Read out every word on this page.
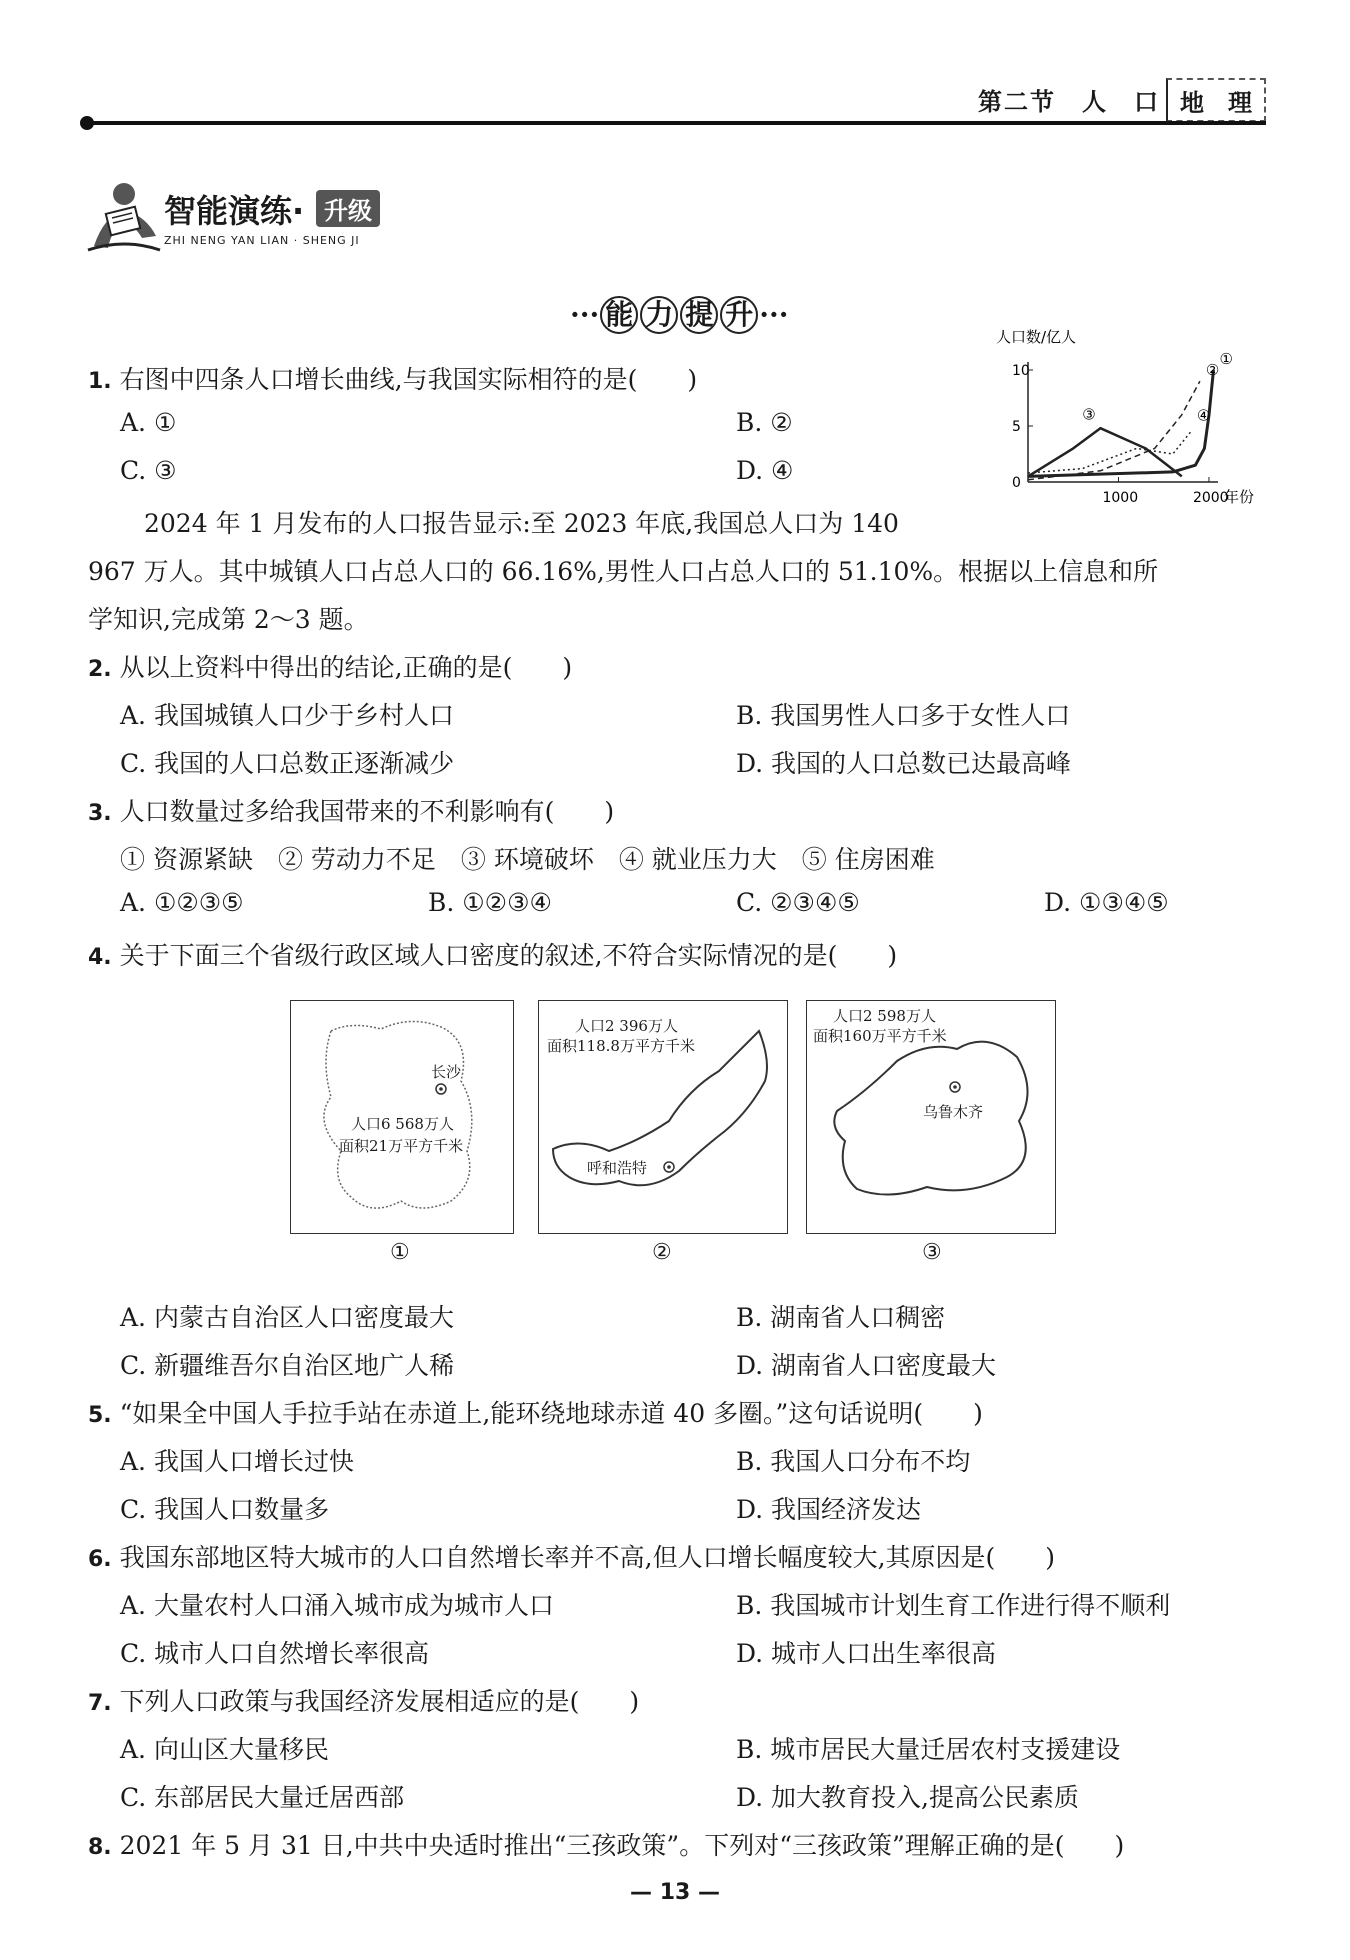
第二节　人　口 地 理
智能演练· 升级
ZHI NENG YAN LIAN · SHENG JI
··· 能 力 提 升 ···
人口数/亿人
年份
0
5
10
1000	2000
①
②
③	④
1. 右图中四条人口增长曲线,与我国实际相符的是(　　)
A. ①	B. ②
C. ③	D. ④
2024 年 1 月发布的人口报告显示:至 2023 年底,我国总人口为 140
967 万人。其中城镇人口占总人口的 66.16%,男性人口占总人口的 51.10%。根据以上信息和所
学知识,完成第 2～3 题。
2. 从以上资料中得出的结论,正确的是(　　)
A. 我国城镇人口少于乡村人口	B. 我国男性人口多于女性人口
C. 我国的人口总数正逐渐减少	D. 我国的人口总数已达最高峰
3. 人口数量过多给我国带来的不利影响有(　　)
① 资源紧缺　② 劳动力不足　③ 环境破坏　④ 就业压力大　⑤ 住房困难
A. ①②③⑤	B. ①②③④	C. ②③④⑤	D. ①③④⑤
4. 关于下面三个省级行政区域人口密度的叙述,不符合实际情况的是(　　)
A. 内蒙古自治区人口密度最大	B. 湖南省人口稠密
C. 新疆维吾尔自治区地广人稀	D. 湖南省人口密度最大
5. “如果全中国人手拉手站在赤道上,能环绕地球赤道 40 多圈。”这句话说明(　　)
A. 我国人口增长过快	B. 我国人口分布不均
C. 我国人口数量多	D. 我国经济发达
6. 我国东部地区特大城市的人口自然增长率并不高,但人口增长幅度较大,其原因是(　　)
A. 大量农村人口涌入城市成为城市人口	B. 我国城市计划生育工作进行得不顺利
C. 城市人口自然增长率很高	D. 城市人口出生率很高
7. 下列人口政策与我国经济发展相适应的是(　　)
A. 向山区大量移民	B. 城市居民大量迁居农村支援建设
C. 东部居民大量迁居西部	D. 加大教育投入,提高公民素质
8. 2021 年 5 月 31 日,中共中央适时推出“三孩政策”。下列对“三孩政策”理解正确的是(　　)
长沙
人口6 568万人
面积21万平方千米
①
人口2 396万人
面积118.8万平方千米
呼和浩特
②
人口2 598万人
面积160万平方千米
乌鲁木齐
③
— 13 —
